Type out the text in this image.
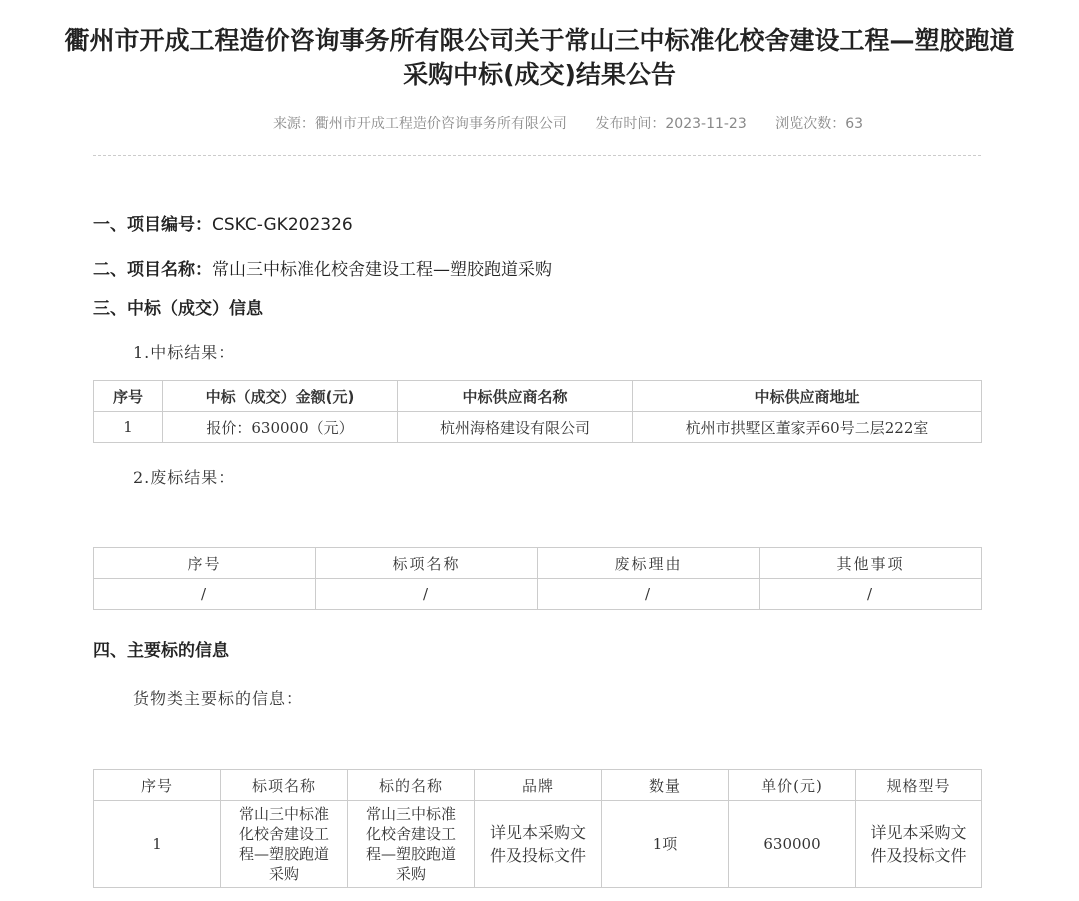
衢州市开成工程造价咨询事务所有限公司关于常山三中标准化校舍建设工程—塑胶跑道采购中标(成交)结果公告
来源：衢州市开成工程造价咨询事务所有限公司 发布时间：2023-11-23 浏览次数：63
一、项目编号：CSKC-GK202326
二、项目名称：常山三中标准化校舍建设工程—塑胶跑道采购
三、中标（成交）信息
1.中标结果：
序号	中标（成交）金额(元)	中标供应商名称	中标供应商地址
1	报价：630000（元）	杭州海格建设有限公司	杭州市拱墅区董家弄60号二层222室
2.废标结果：
序号	标项名称	废标理由	其他事项
/	/	/	/
四、主要标的信息
货物类主要标的信息：
序号	标项名称	标的名称	品牌	数量	单价(元)	规格型号
1	常山三中标准化校舍建设工程—塑胶跑道采购	常山三中标准化校舍建设工程—塑胶跑道采购	详见本采购文件及投标文件	1项	630000	详见本采购文件及投标文件
